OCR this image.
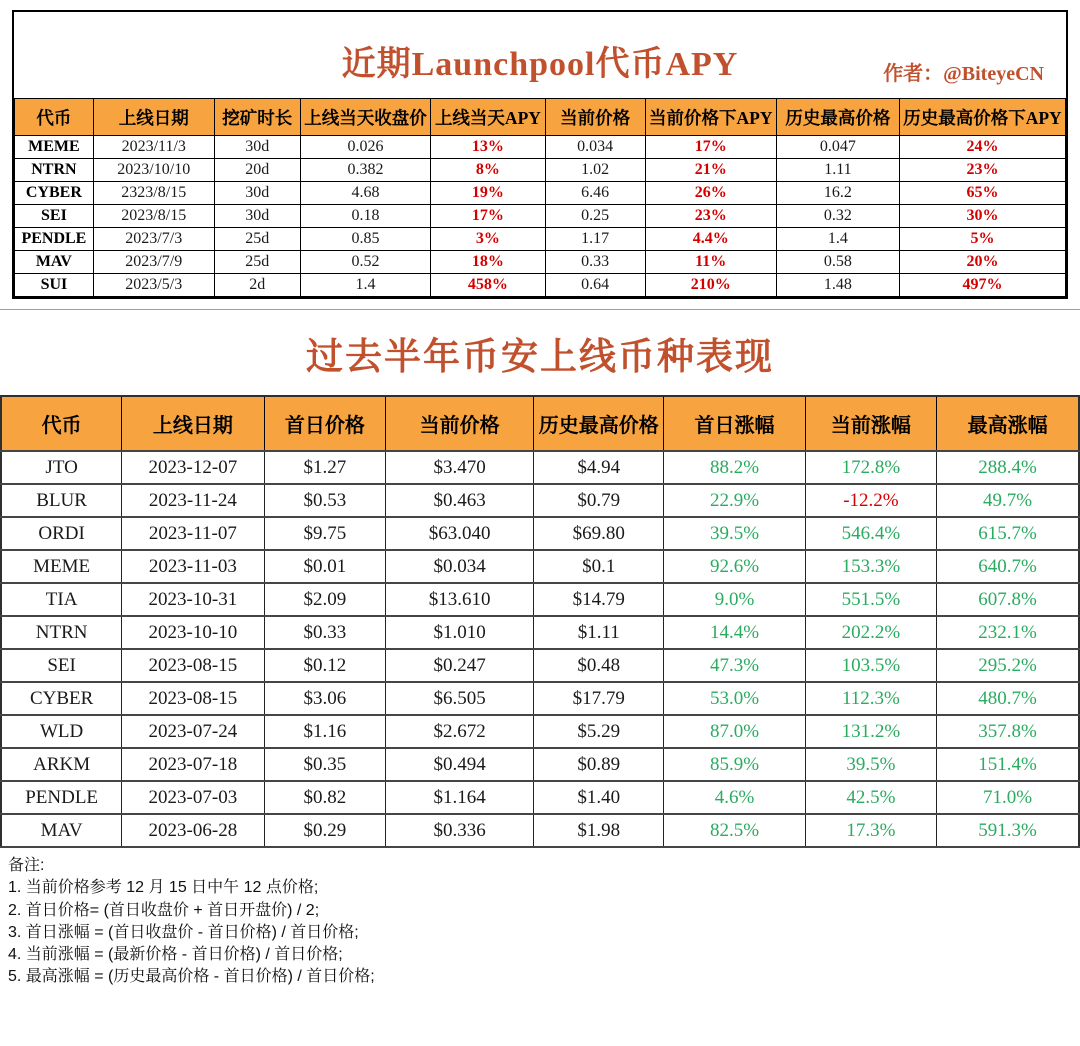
近期Launchpool代币APY	作者：@BiteyeCN
代币	上线日期	挖矿时长	上线当天收盘价	上线当天APY	当前价格	当前价格下APY	历史最高价格	历史最高价格下APY
MEME	2023/11/3	30d	0.026	13%	0.034	17%	0.047	24%
NTRN	2023/10/10	20d	0.382	8%	1.02	21%	1.11	23%
CYBER	2323/8/15	30d	4.68	19%	6.46	26%	16.2	65%
SEI	2023/8/15	30d	0.18	17%	0.25	23%	0.32	30%
PENDLE	2023/7/3	25d	0.85	3%	1.17	4.4%	1.4	5%
MAV	2023/7/9	25d	0.52	18%	0.33	11%	0.58	20%
SUI	2023/5/3	2d	1.4	458%	0.64	210%	1.48	497%
过去半年币安上线币种表现
代币	上线日期	首日价格	当前价格	历史最高价格	首日涨幅	当前涨幅	最高涨幅
JTO	2023-12-07	$1.27	$3.470	$4.94	88.2%	172.8%	288.4%
BLUR	2023-11-24	$0.53	$0.463	$0.79	22.9%	-12.2%	49.7%
ORDI	2023-11-07	$9.75	$63.040	$69.80	39.5%	546.4%	615.7%
MEME	2023-11-03	$0.01	$0.034	$0.1	92.6%	153.3%	640.7%
TIA	2023-10-31	$2.09	$13.610	$14.79	9.0%	551.5%	607.8%
NTRN	2023-10-10	$0.33	$1.010	$1.11	14.4%	202.2%	232.1%
SEI	2023-08-15	$0.12	$0.247	$0.48	47.3%	103.5%	295.2%
CYBER	2023-08-15	$3.06	$6.505	$17.79	53.0%	112.3%	480.7%
WLD	2023-07-24	$1.16	$2.672	$5.29	87.0%	131.2%	357.8%
ARKM	2023-07-18	$0.35	$0.494	$0.89	85.9%	39.5%	151.4%
PENDLE	2023-07-03	$0.82	$1.164	$1.40	4.6%	42.5%	71.0%
MAV	2023-06-28	$0.29	$0.336	$1.98	82.5%	17.3%	591.3%
备注:
1. 当前价格参考 12 月 15 日中午 12 点价格;
2. 首日价格= (首日收盘价 + 首日开盘价) / 2;
3. 首日涨幅 = (首日收盘价 - 首日价格) / 首日价格;
4. 当前涨幅 = (最新价格 - 首日价格) / 首日价格;
5. 最高涨幅 = (历史最高价格 - 首日价格) / 首日价格;
